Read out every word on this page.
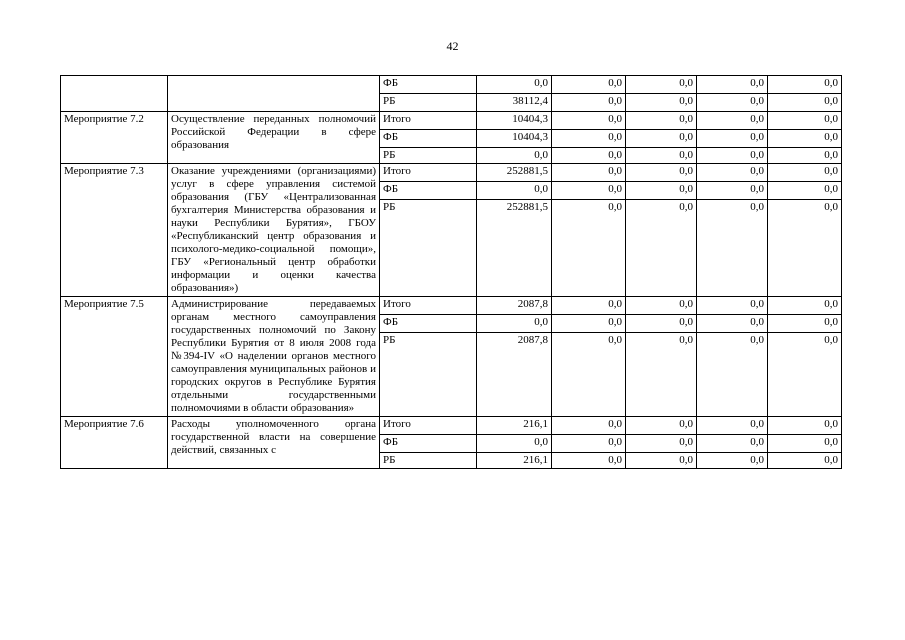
42
		ФБ	0,0	0,0	0,0	0,0	0,0
		РБ	38112,4	0,0	0,0	0,0	0,0
Мероприятие 7.2	Осуществление переданных полномочий Российской Федерации в сфере образования	Итого	10404,3	0,0	0,0	0,0	0,0
		ФБ	10404,3	0,0	0,0	0,0	0,0
		РБ	0,0	0,0	0,0	0,0	0,0
Мероприятие 7.3	Оказание учреждениями (организациями) услуг в сфере управления системой образования (ГБУ «Централизованная бухгалтерия Министерства образования и науки Республики Бурятия», ГБОУ «Республиканский центр образования и психолого-медико-социальной помощи», ГБУ «Региональный центр обработки информации и оценки качества образования»)	Итого	252881,5	0,0	0,0	0,0	0,0
		ФБ	0,0	0,0	0,0	0,0	0,0
		РБ	252881,5	0,0	0,0	0,0	0,0
Мероприятие 7.5	Администрирование передаваемых органам местного самоуправления государственных полномочий по Закону Республики Бурятия от 8 июля 2008 года №394-IV «О наделении органов местного самоуправления муниципальных районов и городских округов в Республике Бурятия отдельными государственными полномочиями в области образования»	Итого	2087,8	0,0	0,0	0,0	0,0
		ФБ	0,0	0,0	0,0	0,0	0,0
		РБ	2087,8	0,0	0,0	0,0	0,0
Мероприятие 7.6	Расходы уполномоченного органа государственной власти на совершение действий, связанных с	Итого	216,1	0,0	0,0	0,0	0,0
		ФБ	0,0	0,0	0,0	0,0	0,0
		РБ	216,1	0,0	0,0	0,0	0,0
